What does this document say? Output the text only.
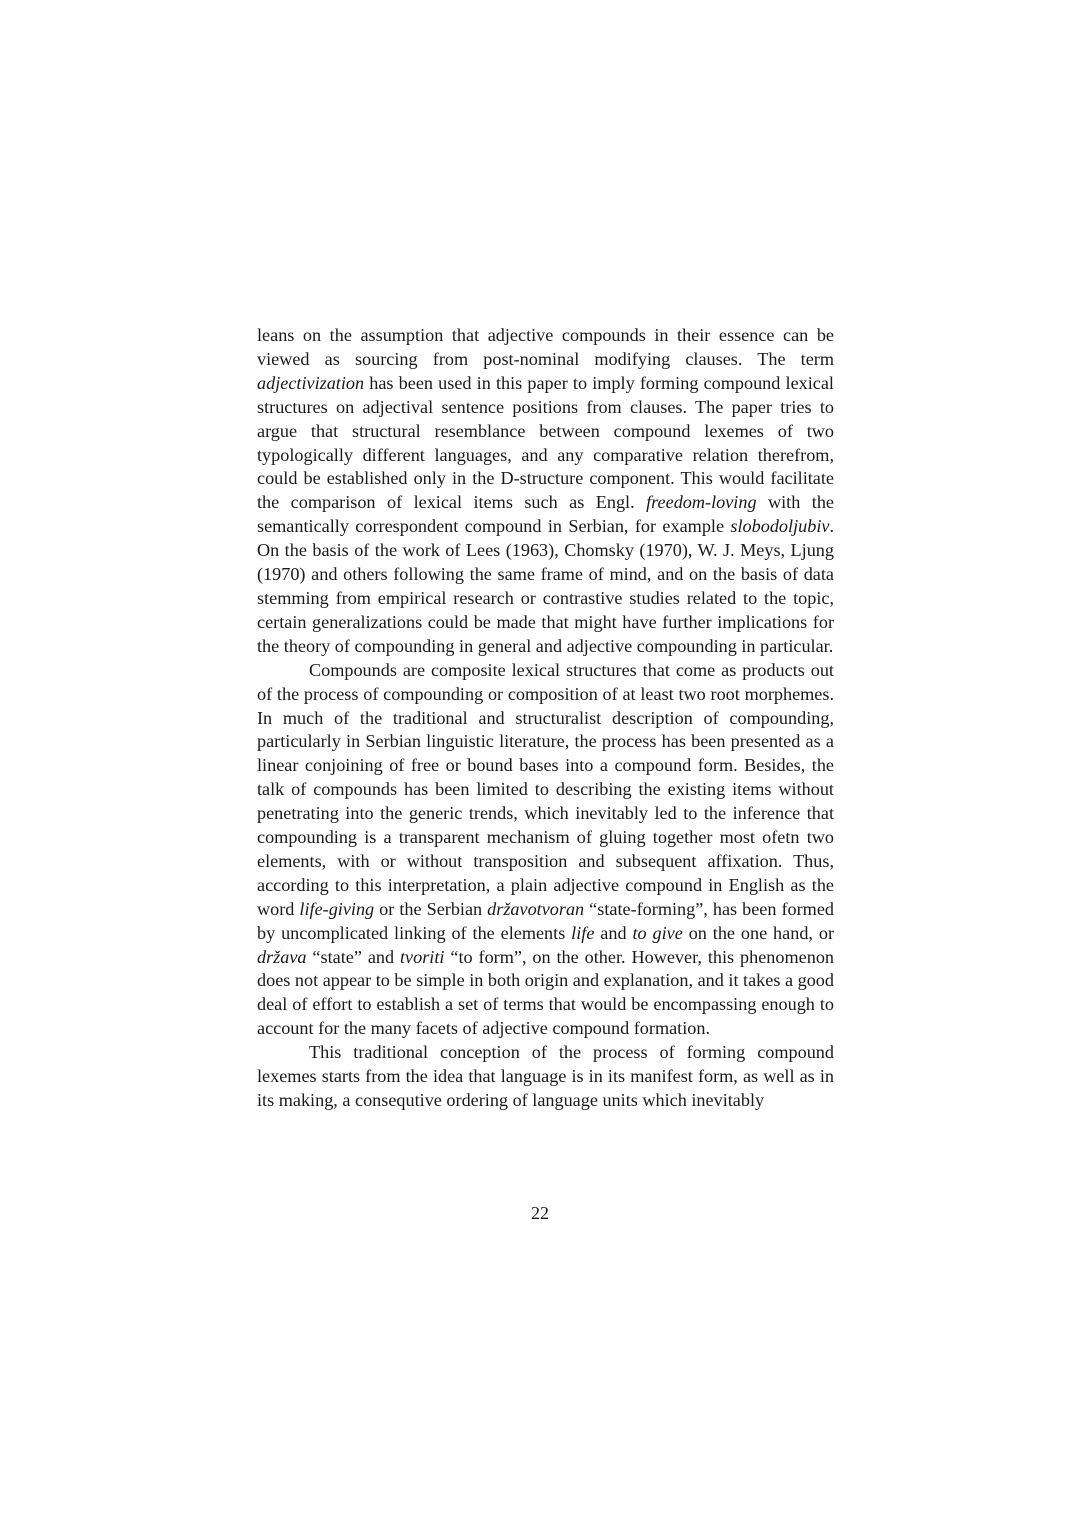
leans on the assumption that adjective compounds in their essence can be viewed as sourcing from post-nominal modifying clauses. The term adjectivization has been used in this paper to imply forming compound lexical structures on adjectival sentence positions from clauses. The paper tries to argue that structural resemblance between compound lexemes of two typologically different languages, and any comparative relation therefrom, could be established only in the D-structure component. This would facilitate the comparison of lexical items such as Engl. freedom-loving with the semantically correspondent compound in Serbian, for example slobodoljubiv. On the basis of the work of Lees (1963), Chomsky (1970), W. J. Meys, Ljung (1970) and others following the same frame of mind, and on the basis of data stemming from empirical research or contrastive studies related to the topic, certain generalizations could be made that might have further implications for the theory of compounding in general and adjective compounding in particular.

Compounds are composite lexical structures that come as products out of the process of compounding or composition of at least two root morphemes. In much of the traditional and structuralist description of compounding, particularly in Serbian linguistic literature, the process has been presented as a linear conjoining of free or bound bases into a compound form. Besides, the talk of compounds has been limited to describing the existing items without penetrating into the generic trends, which inevitably led to the inference that compounding is a transparent mechanism of gluing together most ofetn two elements, with or without transposition and subsequent affixation. Thus, according to this interpretation, a plain adjective compound in English as the word life-giving or the Serbian državotvoran “state-forming”, has been formed by uncomplicated linking of the elements life and to give on the one hand, or država “state” and tvoriti “to form”, on the other. However, this phenomenon does not appear to be simple in both origin and explanation, and it takes a good deal of effort to establish a set of terms that would be encompassing enough to account for the many facets of adjective compound formation.

This traditional conception of the process of forming compound lexemes starts from the idea that language is in its manifest form, as well as in its making, a consequtive ordering of language units which inevitably

22
